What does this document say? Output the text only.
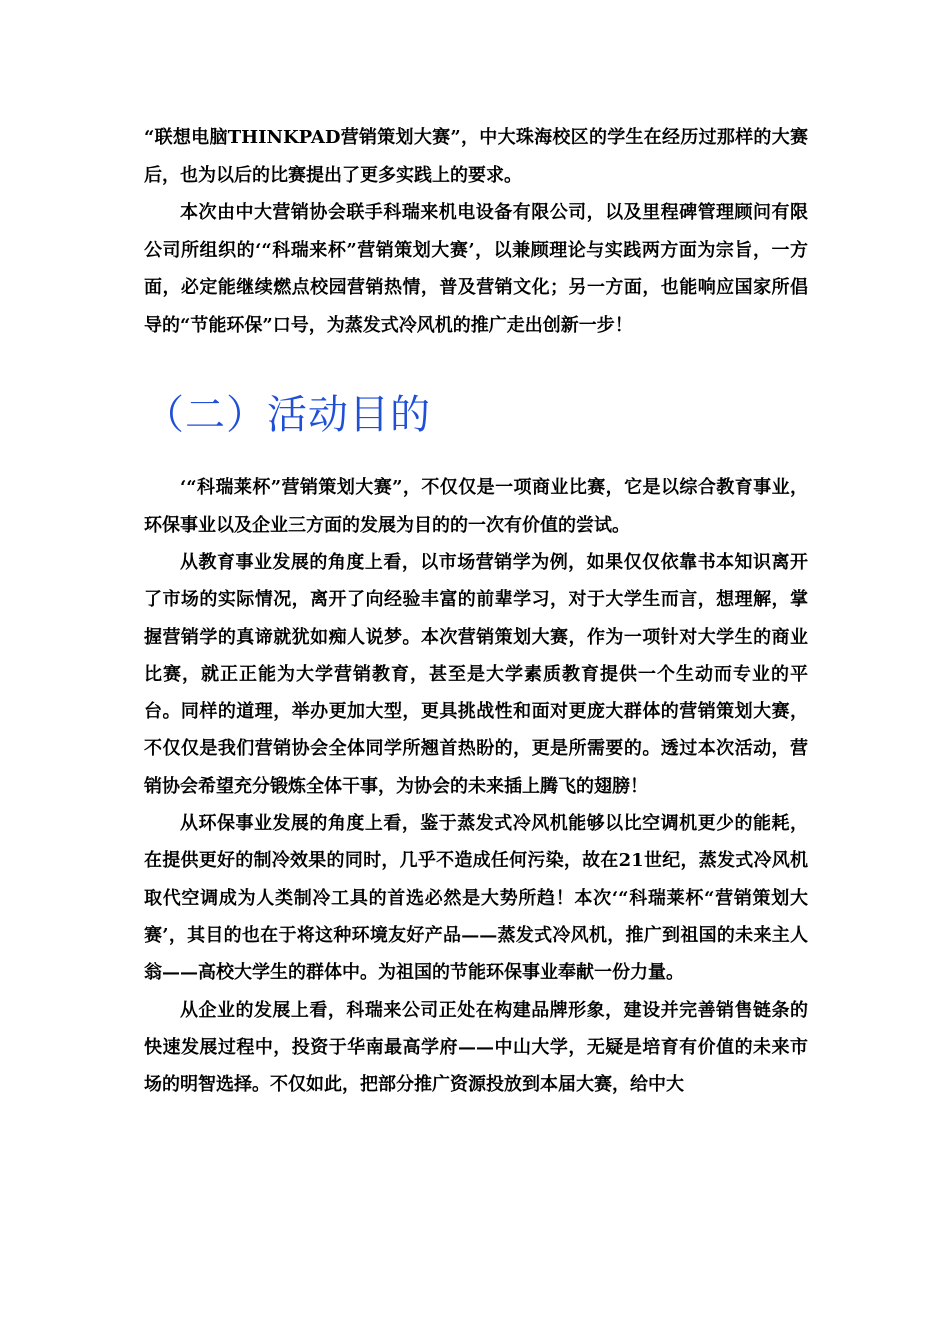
“联想电脑THINKPAD营销策划大赛”，中大珠海校区的学生在经历过那样的大赛后，也为以后的比赛提出了更多实践上的要求。

本次由中大营销协会联手科瑞来机电设备有限公司，以及里程碑管理顾问有限公司所组织的‘“科瑞来杯”营销策划大赛’，以兼顾理论与实践两方面为宗旨，一方面，必定能继续燃点校园营销热情，普及营销文化；另一方面，也能响应国家所倡导的“节能环保”口号，为蒸发式冷风机的推广走出创新一步！

（二）活动目的

‘“科瑞莱杯”营销策划大赛”，不仅仅是一项商业比赛，它是以综合教育事业，环保事业以及企业三方面的发展为目的的一次有价值的尝试。

从教育事业发展的角度上看，以市场营销学为例，如果仅仅依靠书本知识离开了市场的实际情况，离开了向经验丰富的前辈学习，对于大学生而言，想理解，掌握营销学的真谛就犹如痴人说梦。本次营销策划大赛，作为一项针对大学生的商业比赛，就正正能为大学营销教育，甚至是大学素质教育提供一个生动而专业的平台。同样的道理，举办更加大型，更具挑战性和面对更庞大群体的营销策划大赛，不仅仅是我们营销协会全体同学所翘首热盼的，更是所需要的。透过本次活动，营销协会希望充分锻炼全体干事，为协会的未来插上腾飞的翅膀！

从环保事业发展的角度上看，鉴于蒸发式冷风机能够以比空调机更少的能耗，在提供更好的制冷效果的同时，几乎不造成任何污染，故在21世纪，蒸发式冷风机取代空调成为人类制冷工具的首选必然是大势所趋！本次‘“科瑞莱杯“营销策划大赛’，其目的也在于将这种环境友好产品——蒸发式冷风机，推广到祖国的未来主人翁——高校大学生的群体中。为祖国的节能环保事业奉献一份力量。

从企业的发展上看，科瑞来公司正处在构建品牌形象，建设并完善销售链条的快速发展过程中，投资于华南最高学府——中山大学，无疑是培育有价值的未来市场的明智选择。不仅如此，把部分推广资源投放到本届大赛，给中大
